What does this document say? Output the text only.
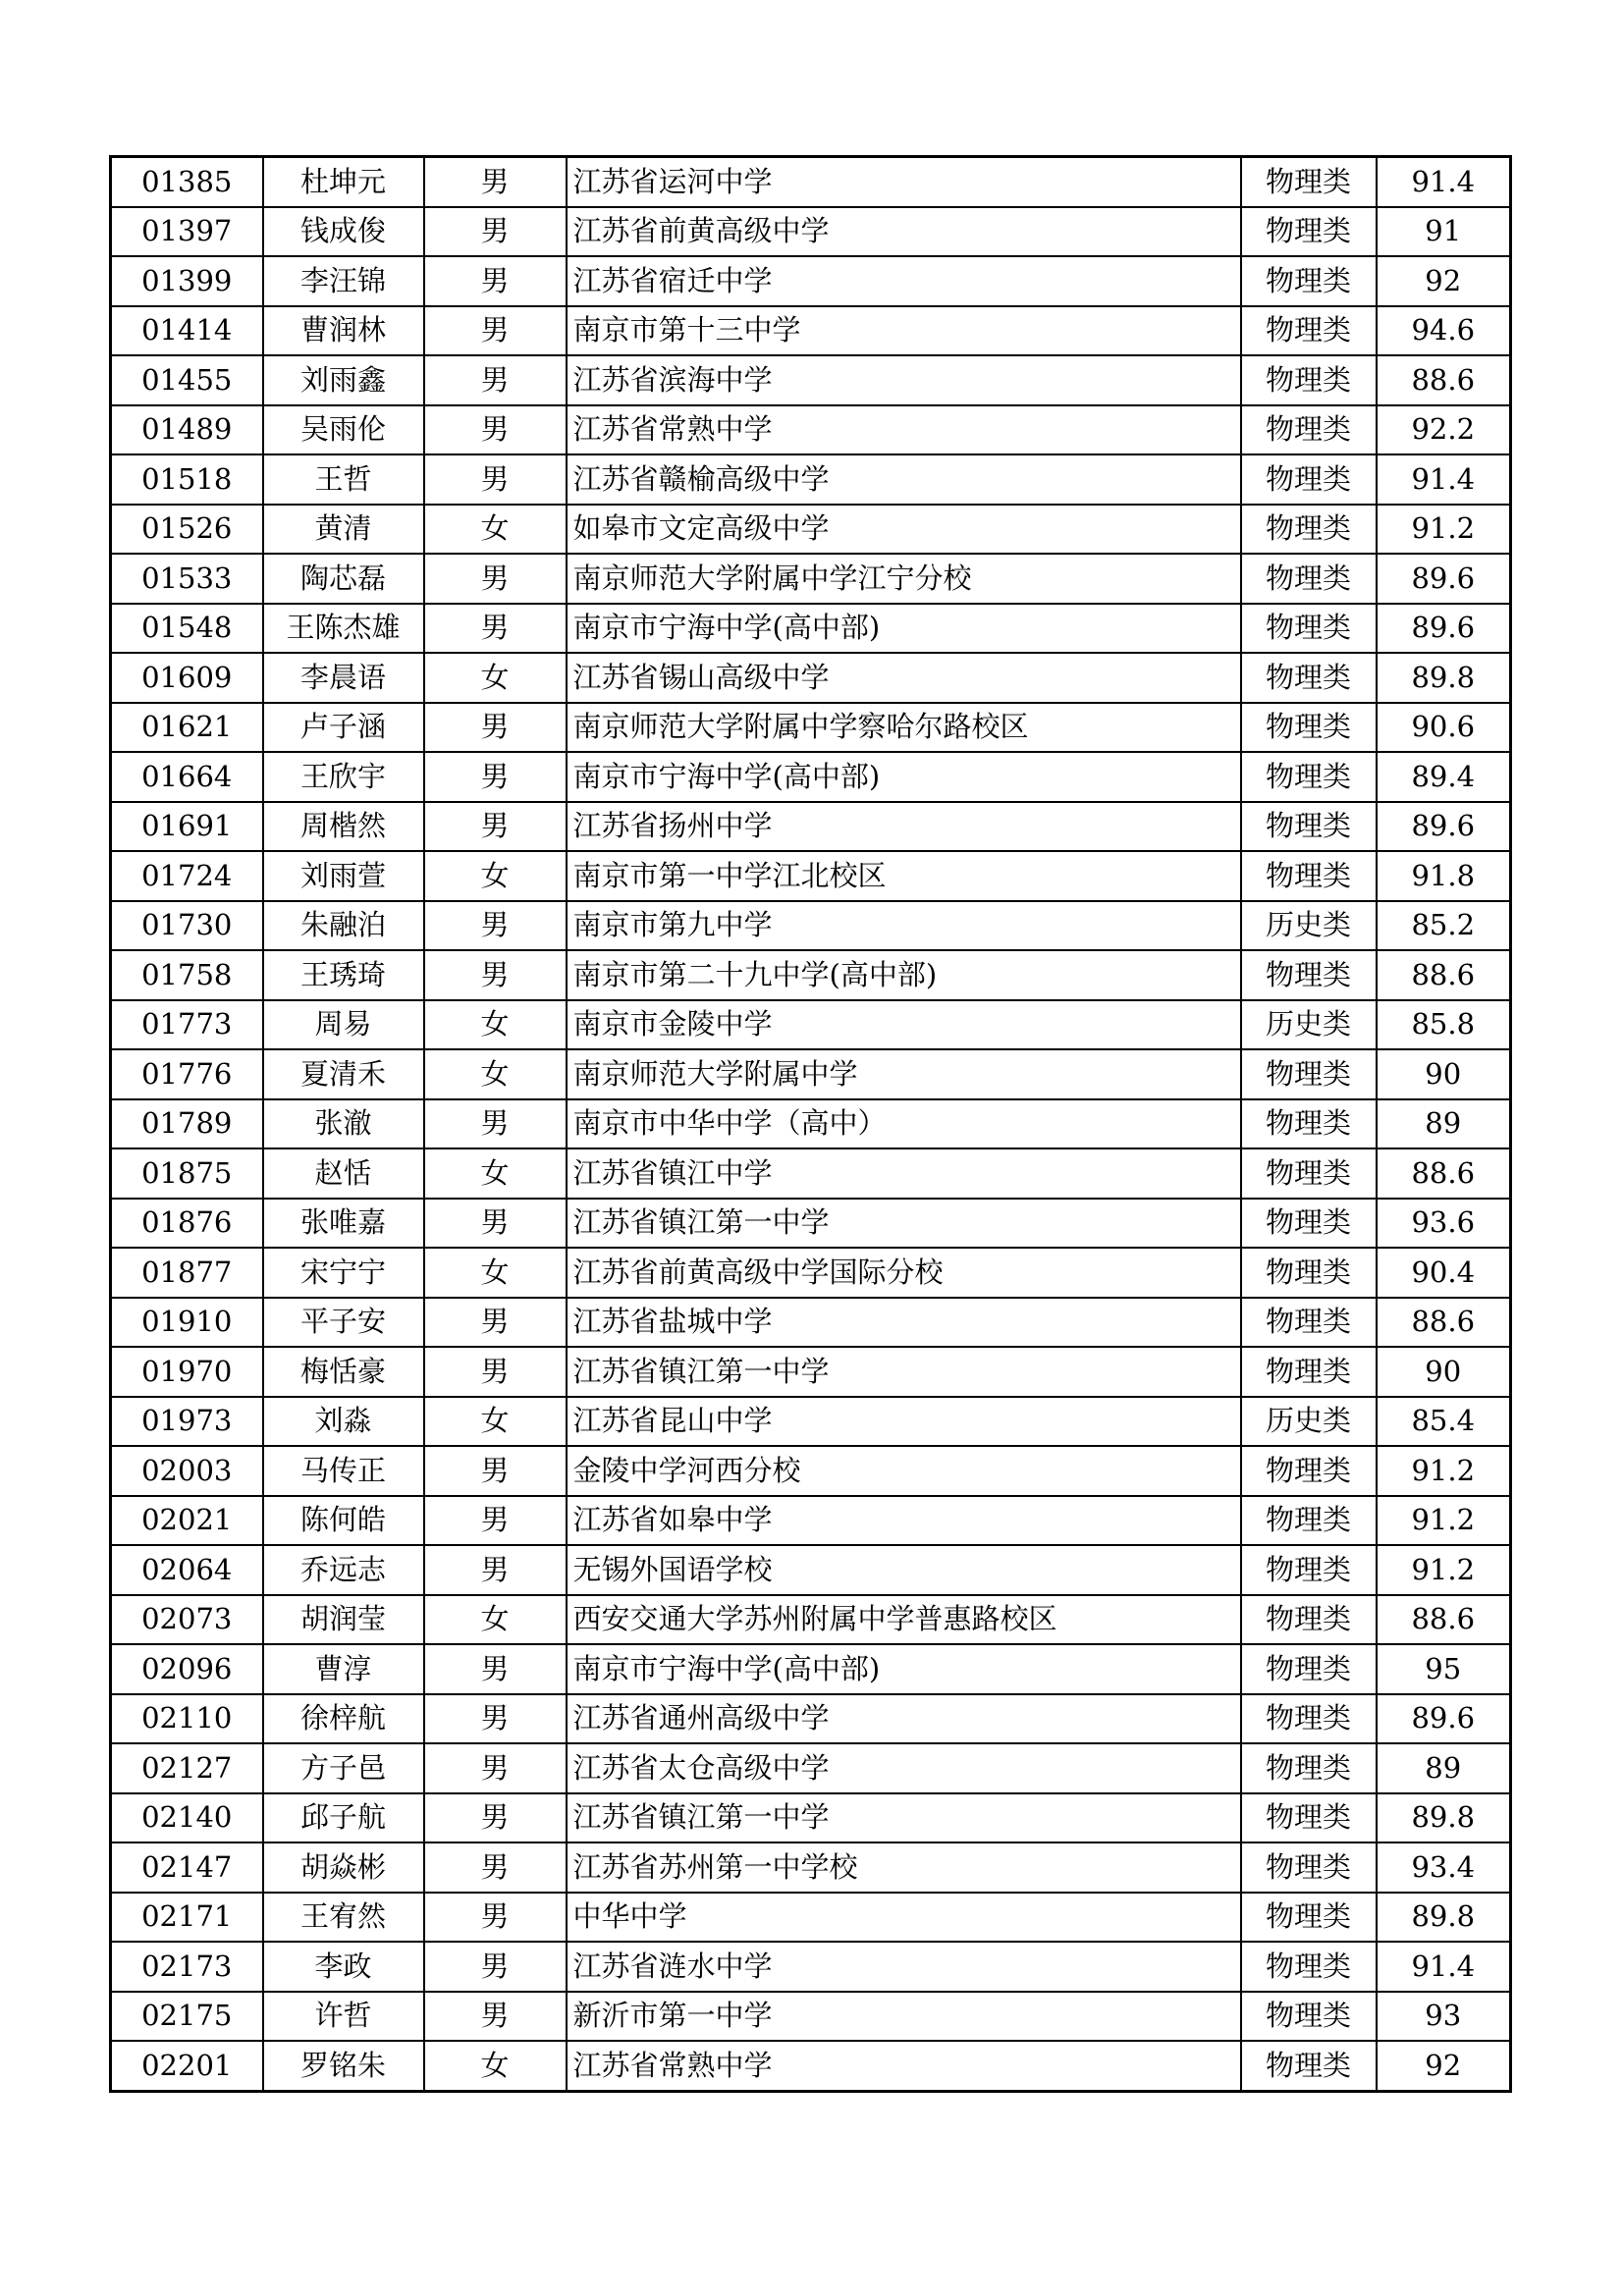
01385	杜坤元	男	江苏省运河中学	物理类	91.4
01397	钱成俊	男	江苏省前黄高级中学	物理类	91
01399	李汪锦	男	江苏省宿迁中学	物理类	92
01414	曹润林	男	南京市第十三中学	物理类	94.6
01455	刘雨鑫	男	江苏省滨海中学	物理类	88.6
01489	吴雨伦	男	江苏省常熟中学	物理类	92.2
01518	王哲	男	江苏省赣榆高级中学	物理类	91.4
01526	黄清	女	如皋市文定高级中学	物理类	91.2
01533	陶芯磊	男	南京师范大学附属中学江宁分校	物理类	89.6
01548	王陈杰雄	男	南京市宁海中学(高中部)	物理类	89.6
01609	李晨语	女	江苏省锡山高级中学	物理类	89.8
01621	卢子涵	男	南京师范大学附属中学察哈尔路校区	物理类	90.6
01664	王欣宇	男	南京市宁海中学(高中部)	物理类	89.4
01691	周楷然	男	江苏省扬州中学	物理类	89.6
01724	刘雨萱	女	南京市第一中学江北校区	物理类	91.8
01730	朱融泊	男	南京市第九中学	历史类	85.2
01758	王琇琦	男	南京市第二十九中学(高中部)	物理类	88.6
01773	周易	女	南京市金陵中学	历史类	85.8
01776	夏清禾	女	南京师范大学附属中学	物理类	90
01789	张澈	男	南京市中华中学（高中）	物理类	89
01875	赵恬	女	江苏省镇江中学	物理类	88.6
01876	张唯嘉	男	江苏省镇江第一中学	物理类	93.6
01877	宋宁宁	女	江苏省前黄高级中学国际分校	物理类	90.4
01910	平子安	男	江苏省盐城中学	物理类	88.6
01970	梅恬豪	男	江苏省镇江第一中学	物理类	90
01973	刘淼	女	江苏省昆山中学	历史类	85.4
02003	马传正	男	金陵中学河西分校	物理类	91.2
02021	陈何皓	男	江苏省如皋中学	物理类	91.2
02064	乔远志	男	无锡外国语学校	物理类	91.2
02073	胡润莹	女	西安交通大学苏州附属中学普惠路校区	物理类	88.6
02096	曹淳	男	南京市宁海中学(高中部)	物理类	95
02110	徐梓航	男	江苏省通州高级中学	物理类	89.6
02127	方子邑	男	江苏省太仓高级中学	物理类	89
02140	邱子航	男	江苏省镇江第一中学	物理类	89.8
02147	胡焱彬	男	江苏省苏州第一中学校	物理类	93.4
02171	王宥然	男	中华中学	物理类	89.8
02173	李政	男	江苏省涟水中学	物理类	91.4
02175	许哲	男	新沂市第一中学	物理类	93
02201	罗铭朱	女	江苏省常熟中学	物理类	92
